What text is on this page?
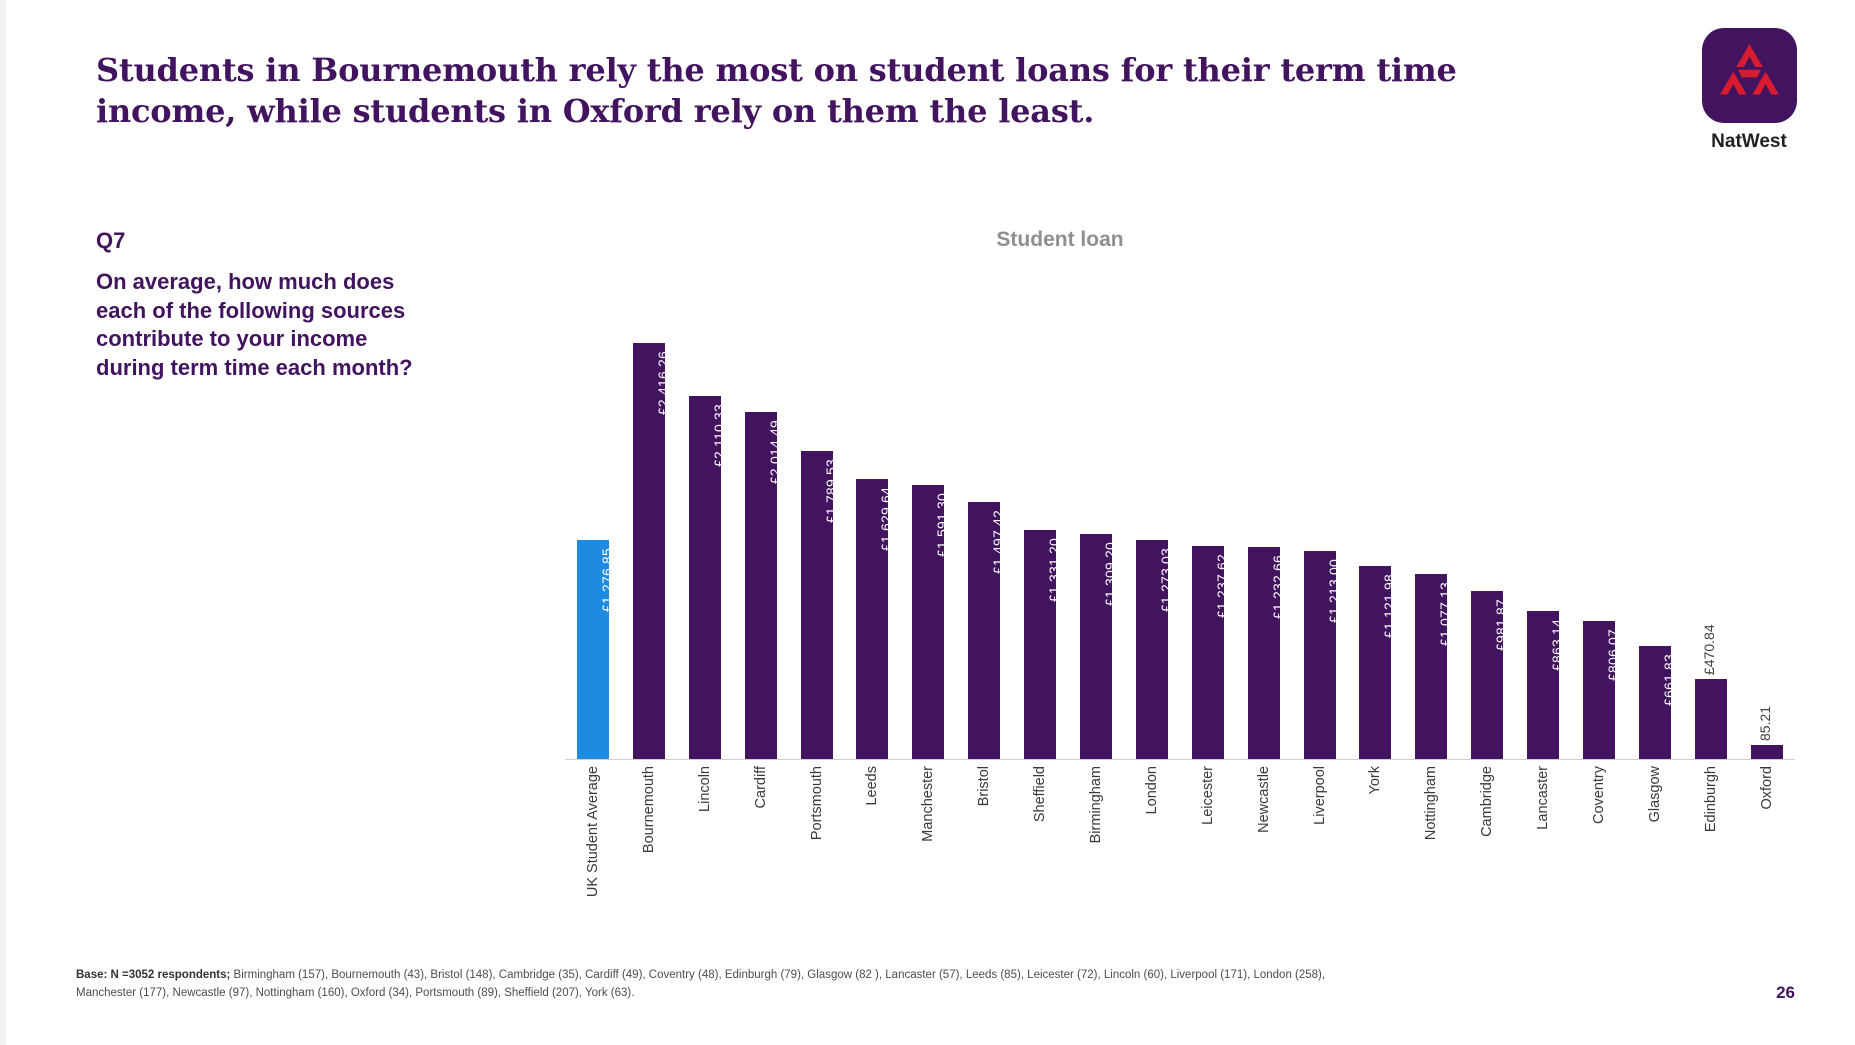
Students in Bournemouth rely the most on student loans for their term time income, while students in Oxford rely on them the least.
NatWest
Q7
On average, how much does each of the following sources contribute to your income during term time each month?
Student loan
£1,276.85
£2,416.26
£2,110.33	£2,014.49
£1,789.53	£1,629.64	£1,591.30	£1,497.42	£1,331.20	£1,309.20	£1,273.03	£1,237.62	£1,232.66	£1,213.00	£1,121.98	£1,077.13	£981.87	£863.14	£806.07	£661.83
£470.84
85.21
UK Student Average	Bournemouth	Lincoln	Cardiff	Portsmouth	Leeds	Manchester	Bristol	Sheffield	Birmingham	London	Leicester	Newcastle	Liverpool	York	Nottingham	Cambridge	Lancaster	Coventry	Glasgow	Edinburgh	Oxford
Base: N =3052 respondents; Birmingham (157), Bournemouth (43), Bristol (148), Cambridge (35), Cardiff (49), Coventry (48), Edinburgh (79), Glasgow (82 ), Lancaster (57), Leeds (85), Leicester (72), Lincoln (60), Liverpool (171), London (258), Manchester (177), Newcastle (97), Nottingham (160), Oxford (34), Portsmouth (89), Sheffield (207), York (63).	26
